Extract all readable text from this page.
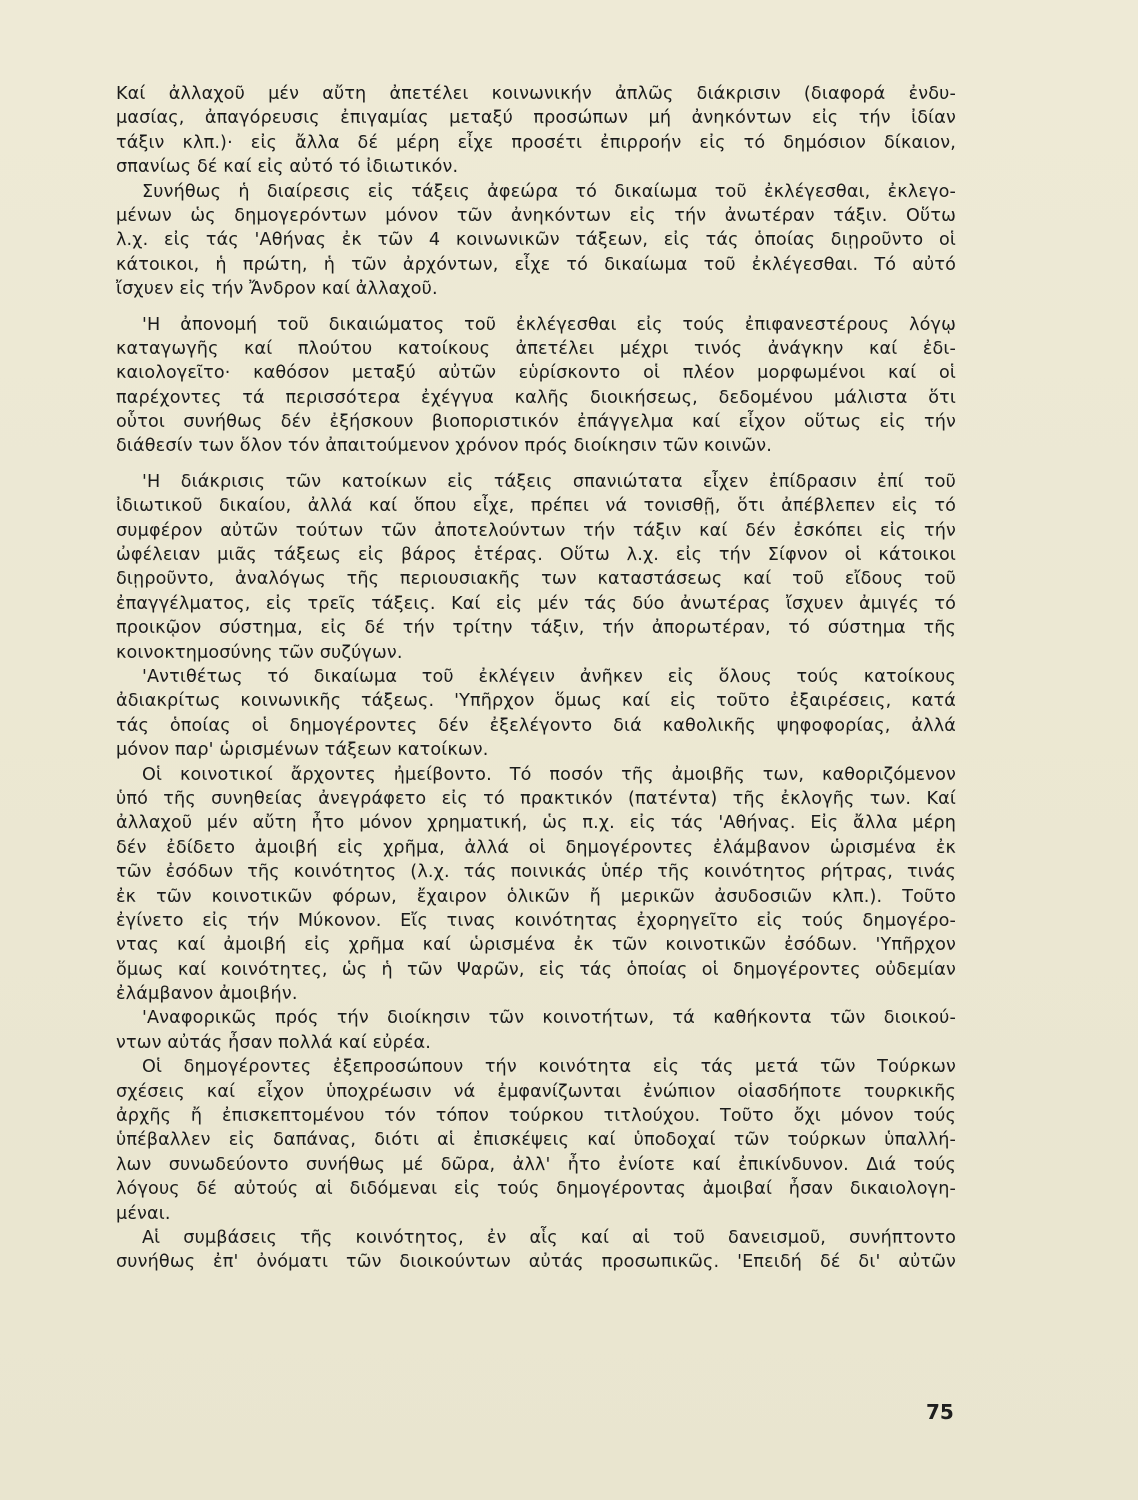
Καί ἀλλαχοῦ μέν αὔτη ἀπετέλει κοινωνικήν ἀπλῶς διάκρισιν (διαφορά ἐνδυ-
μασίας, ἀπαγόρευσις ἐπιγαμίας μεταξύ προσώπων μή ἀνηκόντων εἰς τήν ἰδίαν
τάξιν κλπ.)· εἰς ἄλλα δέ μέρη εἶχε προσέτι ἐπιρροήν εἰς τό δημόσιον δίκαιον,
σπανίως δέ καί εἰς αὐτό τό ἰδιωτικόν.
Συνήθως ἡ διαίρεσις εἰς τάξεις ἀφεώρα τό δικαίωμα τοῦ ἐκλέγεσθαι, ἐκλεγο-
μένων ὡς δημογερόντων μόνον τῶν ἀνηκόντων εἰς τήν ἀνωτέραν τάξιν. Οὕτω
λ.χ. εἰς τάς 'Αθήνας ἐκ τῶν 4 κοινωνικῶν τάξεων, εἰς τάς ὁποίας διῃροῦντο οἱ
κάτοικοι, ἡ πρώτη, ἡ τῶν ἀρχόντων, εἶχε τό δικαίωμα τοῦ ἐκλέγεσθαι. Τό αὐτό
ἴσχυεν εἰς τήν Ἄνδρον καί ἀλλαχοῦ.
'Η ἀπονομή τοῦ δικαιώματος τοῦ ἐκλέγεσθαι εἰς τούς ἐπιφανεστέρους λόγῳ
καταγωγῆς καί πλούτου κατοίκους ἀπετέλει μέχρι τινός ἀνάγκην καί ἐδι-
καιολογεῖτο· καθόσον μεταξύ αὐτῶν εὑρίσκοντο οἱ πλέον μορφωμένοι καί οἱ
παρέχοντες τά περισσότερα ἐχέγγυα καλῆς διοικήσεως, δεδομένου μάλιστα ὅτι
οὗτοι συνήθως δέν ἐξήσκουν βιοποριστικόν ἐπάγγελμα καί εἶχον οὕτως εἰς τήν
διάθεσίν των ὅλον τόν ἀπαιτούμενον χρόνον πρός διοίκησιν τῶν κοινῶν.
'Η διάκρισις τῶν κατοίκων εἰς τάξεις σπανιώτατα εἶχεν ἐπίδρασιν ἐπί τοῦ
ἰδιωτικοῦ δικαίου, ἀλλά καί ὅπου εἶχε, πρέπει νά τονισθῇ, ὅτι ἀπέβλεπεν εἰς τό
συμφέρον αὐτῶν τούτων τῶν ἀποτελούντων τήν τάξιν καί δέν ἐσκόπει εἰς τήν
ὠφέλειαν μιᾶς τάξεως εἰς βάρος ἑτέρας. Οὕτω λ.χ. εἰς τήν Σίφνον οἱ κάτοικοι
διῃροῦντο, ἀναλόγως τῆς περιουσιακῆς των καταστάσεως καί τοῦ εἴδους τοῦ
ἐπαγγέλματος, εἰς τρεῖς τάξεις. Καί εἰς μέν τάς δύο ἀνωτέρας ἴσχυεν ἀμιγές τό
προικῷον σύστημα, εἰς δέ τήν τρίτην τάξιν, τήν ἀπορωτέραν, τό σύστημα τῆς
κοινοκτημοσύνης τῶν συζύγων.
'Αντιθέτως τό δικαίωμα τοῦ ἐκλέγειν ἀνῆκεν εἰς ὅλους τούς κατοίκους
ἀδιακρίτως κοινωνικῆς τάξεως. 'Υπῆρχον ὅμως καί εἰς τοῦτο ἐξαιρέσεις, κατά
τάς ὁποίας οἱ δημογέροντες δέν ἐξελέγοντο διά καθολικῆς ψηφοφορίας, ἀλλά
μόνον παρ' ὡρισμένων τάξεων κατοίκων.
Οἱ κοινοτικοί ἄρχοντες ἠμείβοντο. Τό ποσόν τῆς ἀμοιβῆς των, καθοριζόμενον
ὑπό τῆς συνηθείας ἀνεγράφετο εἰς τό πρακτικόν (πατέντα) τῆς ἐκλογῆς των. Καί
ἀλλαχοῦ μέν αὔτη ἦτο μόνον χρηματική, ὡς π.χ. εἰς τάς 'Αθήνας. Εἰς ἄλλα μέρη
δέν ἐδίδετο ἀμοιβή εἰς χρῆμα, ἀλλά οἱ δημογέροντες ἐλάμβανον ὡρισμένα ἐκ
τῶν ἐσόδων τῆς κοινότητος (λ.χ. τάς ποινικάς ὑπέρ τῆς κοινότητος ρήτρας, τινάς
ἐκ τῶν κοινοτικῶν φόρων, ἔχαιρον ὁλικῶν ἤ μερικῶν ἀσυδοσιῶν κλπ.). Τοῦτο
ἐγίνετο εἰς τήν Μύκονον. Εἴς τινας κοινότητας ἐχορηγεῖτο εἰς τούς δημογέρο-
ντας καί ἀμοιβή εἰς χρῆμα καί ὡρισμένα ἐκ τῶν κοινοτικῶν ἐσόδων. 'Υπῆρχον
ὅμως καί κοινότητες, ὡς ἡ τῶν Ψαρῶν, εἰς τάς ὁποίας οἱ δημογέροντες οὐδεμίαν
ἐλάμβανον ἀμοιβήν.
'Αναφορικῶς πρός τήν διοίκησιν τῶν κοινοτήτων, τά καθήκοντα τῶν διοικού-
ντων αὐτάς ἦσαν πολλά καί εὐρέα.
Οἱ δημογέροντες ἐξεπροσώπουν τήν κοινότητα εἰς τάς μετά τῶν Τούρκων
σχέσεις καί εἶχον ὑποχρέωσιν νά ἐμφανίζωνται ἐνώπιον οἱασδήποτε τουρκικῆς
ἀρχῆς ἤ ἐπισκεπτομένου τόν τόπον τούρκου τιτλούχου. Τοῦτο ὄχι μόνον τούς
ὑπέβαλλεν εἰς δαπάνας, διότι αἱ ἐπισκέψεις καί ὑποδοχαί τῶν τούρκων ὑπαλλή-
λων συνωδεύοντο συνήθως μέ δῶρα, ἀλλ' ἦτο ἐνίοτε καί ἐπικίνδυνον. Διά τούς
λόγους δέ αὐτούς αἱ διδόμεναι εἰς τούς δημογέροντας ἀμοιβαί ἦσαν δικαιολογη-
μέναι.
Αἱ συμβάσεις τῆς κοινότητος, ἐν αἷς καί αἱ τοῦ δανεισμοῦ, συνήπτοντο
συνήθως ἐπ' ὀνόματι τῶν διοικούντων αὐτάς προσωπικῶς. 'Επειδή δέ δι' αὐτῶν
75
